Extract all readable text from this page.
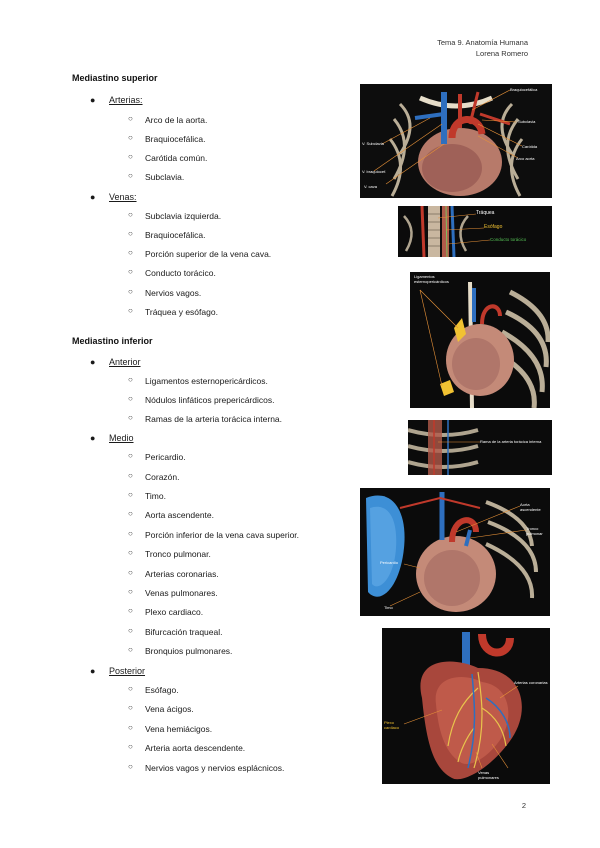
Tema 9. Anatomía Humana
Lorena Romero
Mediastino superior
● Arterias:
○ Arco de la aorta.
○ Braquiocefálica.
○ Carótida común.
○ Subclavia.
● Venas:
○ Subclavia izquierda.
○ Braquiocefálica.
○ Porción superior de la vena cava.
○ Conducto torácico.
○ Nervios vagos.
○ Tráquea y esófago.
Mediastino inferior
● Anterior
○ Ligamentos esternopericárdicos.
○ Nódulos linfáticos prepericárdicos.
○ Ramas de la arteria torácica interna.
● Medio
○ Pericardio.
○ Corazón.
○ Timo.
○ Aorta ascendente.
○ Porción inferior de la vena cava superior.
○ Tronco pulmonar.
○ Arterias coronarias.
○ Venas pulmonares.
○ Plexo cardiaco.
○ Bifurcación traqueal.
○ Bronquios pulmonares.
● Posterior
○ Esófago.
○ Vena ácigos.
○ Vena hemiácigos.
○ Arteria aorta descendente.
○ Nervios vagos y nervios esplácnicos.
Braquiocefálica
Subclavia
Carótida
Arco aorta
V. Subclavia
V. braquiocef.
V. cava
Tráquea
Esófago
Conducto torácico
Ligamentos esternopericárdicos
Rama de la arteria torácica interna
Aorta ascendente
Tronco pulmonar
Pericardio
Timo
Arterias coronarias
Plexo cardiaco
Venas pulmonares
2
